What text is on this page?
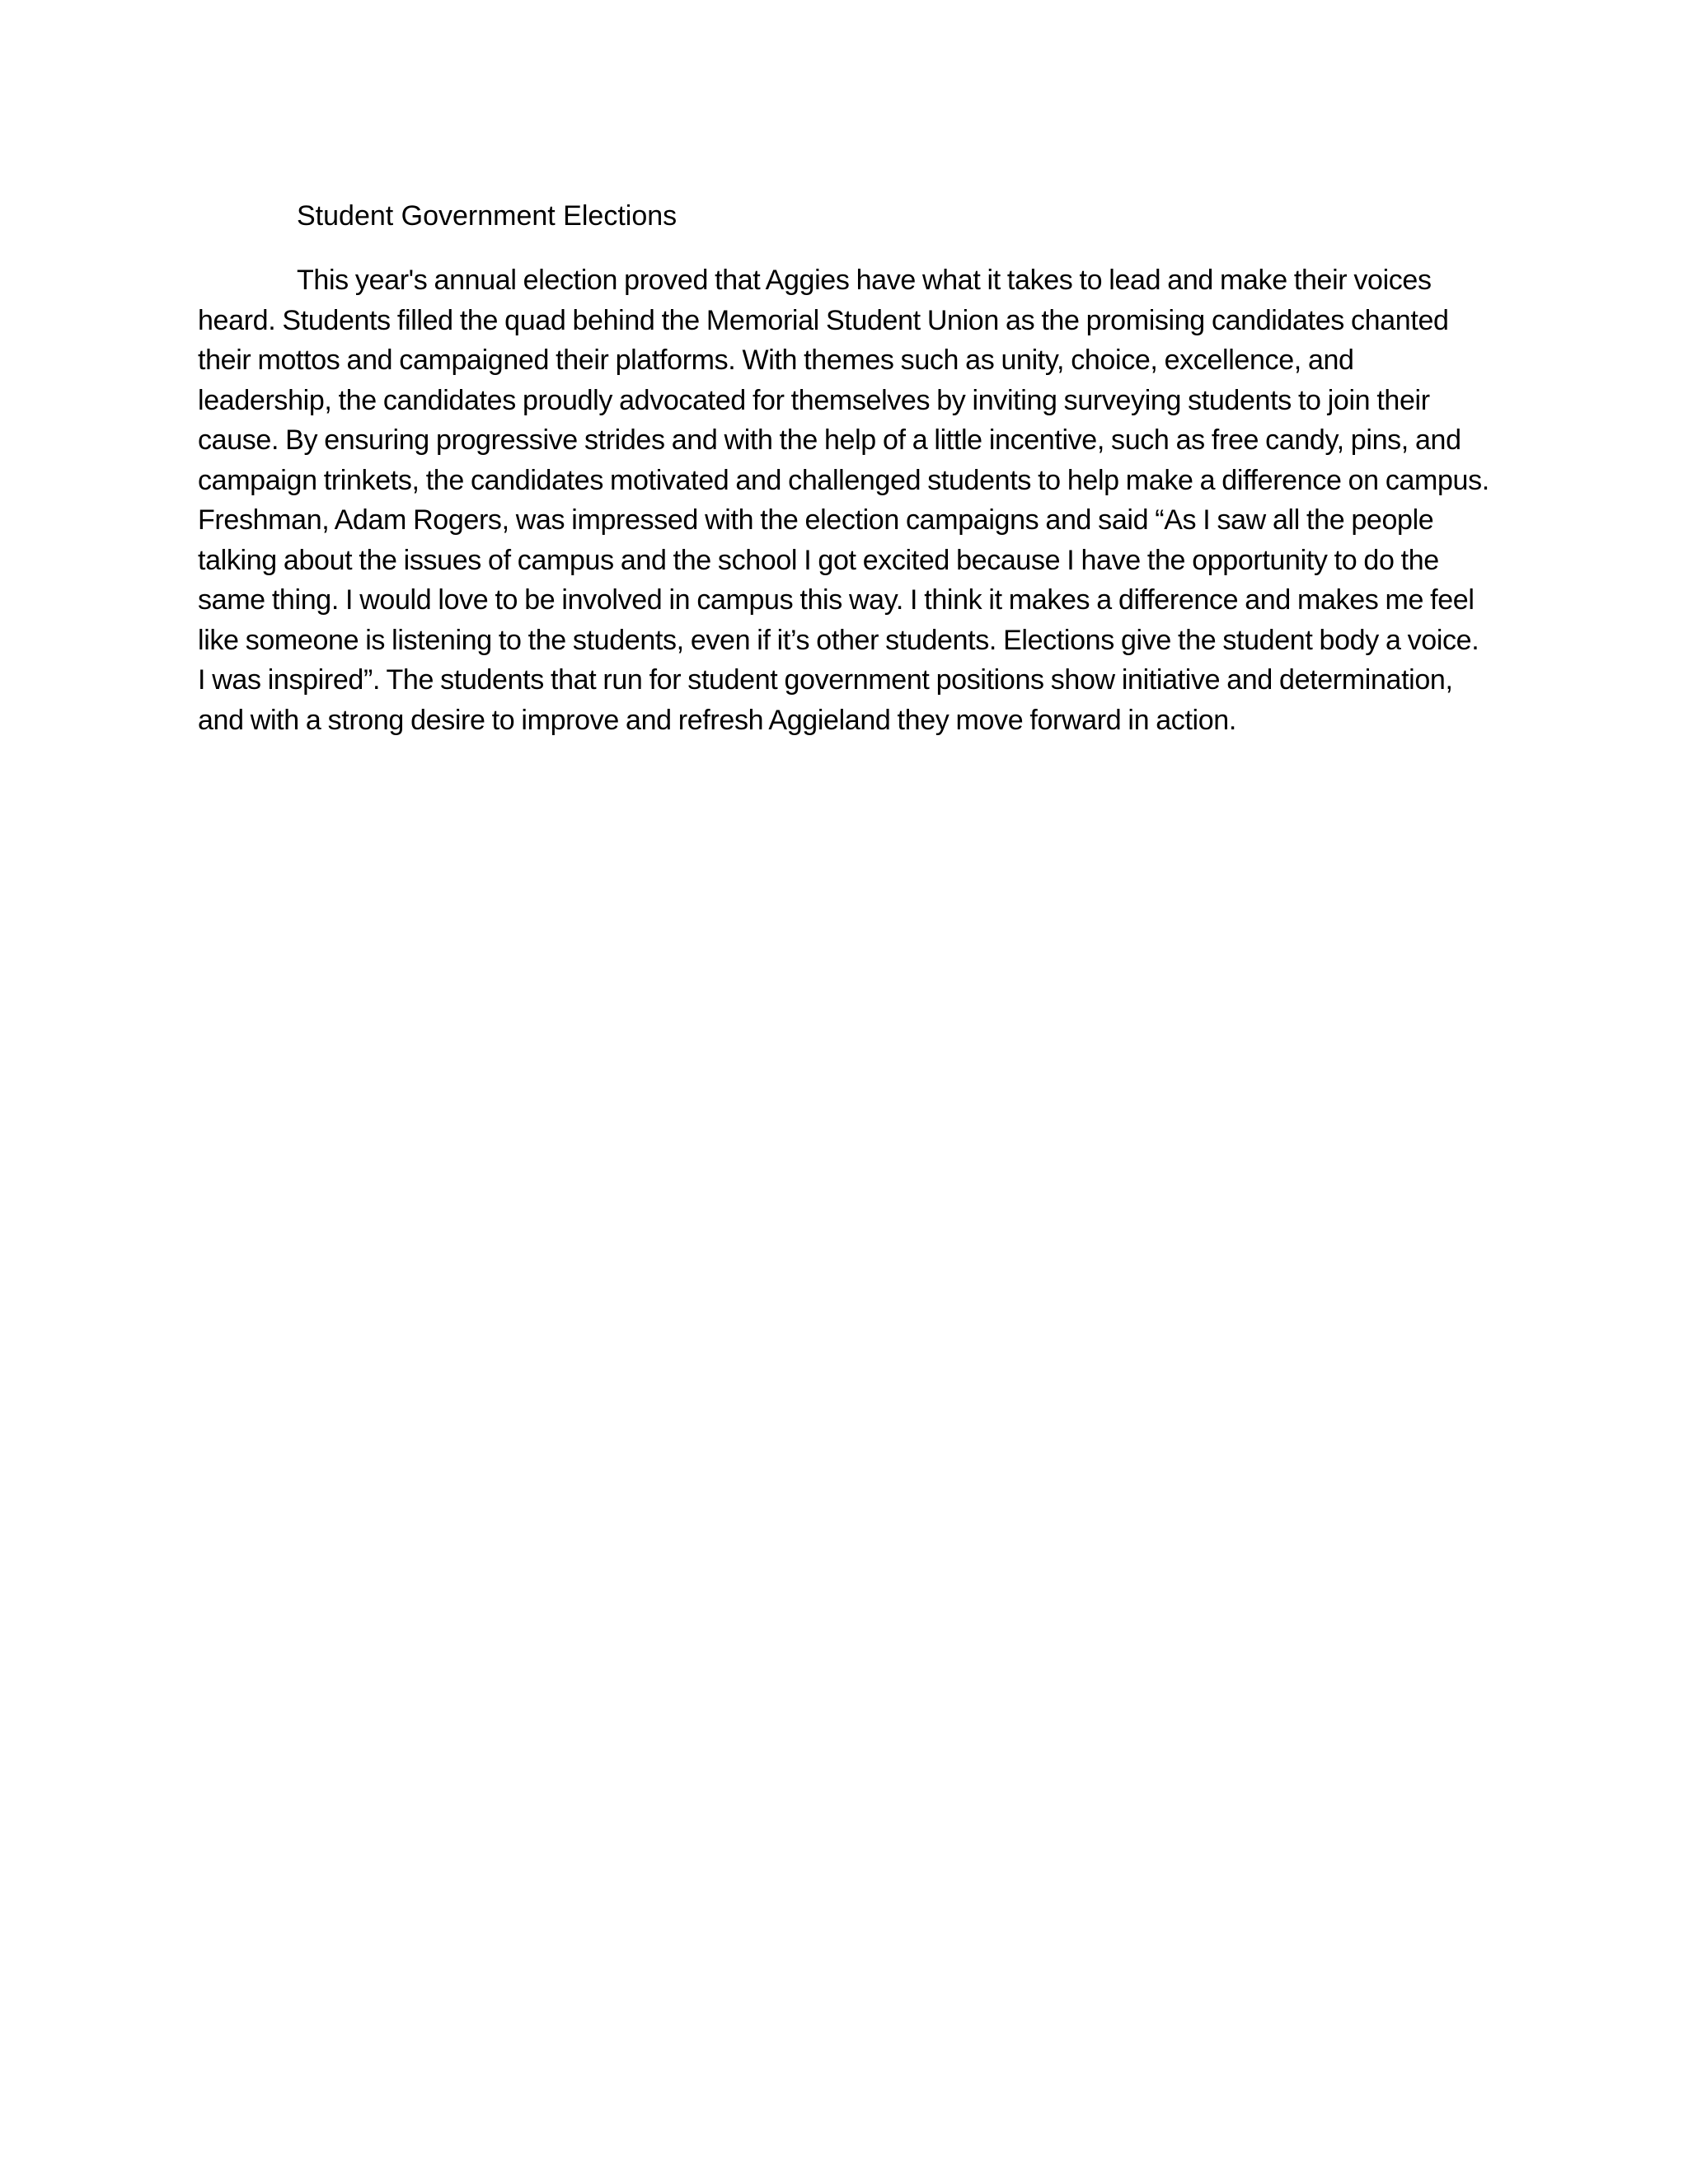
Student Government Elections

This year's annual election proved that Aggies have what it takes to lead and make their voices heard. Students filled the quad behind the Memorial Student Union as the promising candidates chanted their mottos and campaigned their platforms. With themes such as unity, choice, excellence, and leadership, the candidates proudly advocated for themselves by inviting surveying students to join their cause. By ensuring progressive strides and with the help of a little incentive, such as free candy, pins, and campaign trinkets, the candidates motivated and challenged students to help make a difference on campus. Freshman, Adam Rogers, was impressed with the election campaigns and said “As I saw all the people talking about the issues of campus and the school I got excited because I have the opportunity to do the same thing. I would love to be involved in campus this way. I think it makes a difference and makes me feel like someone is listening to the students, even if it’s other students. Elections give the student body a voice. I was inspired”. The students that run for student government positions show initiative and determination, and with a strong desire to improve and refresh Aggieland they move forward in action.
